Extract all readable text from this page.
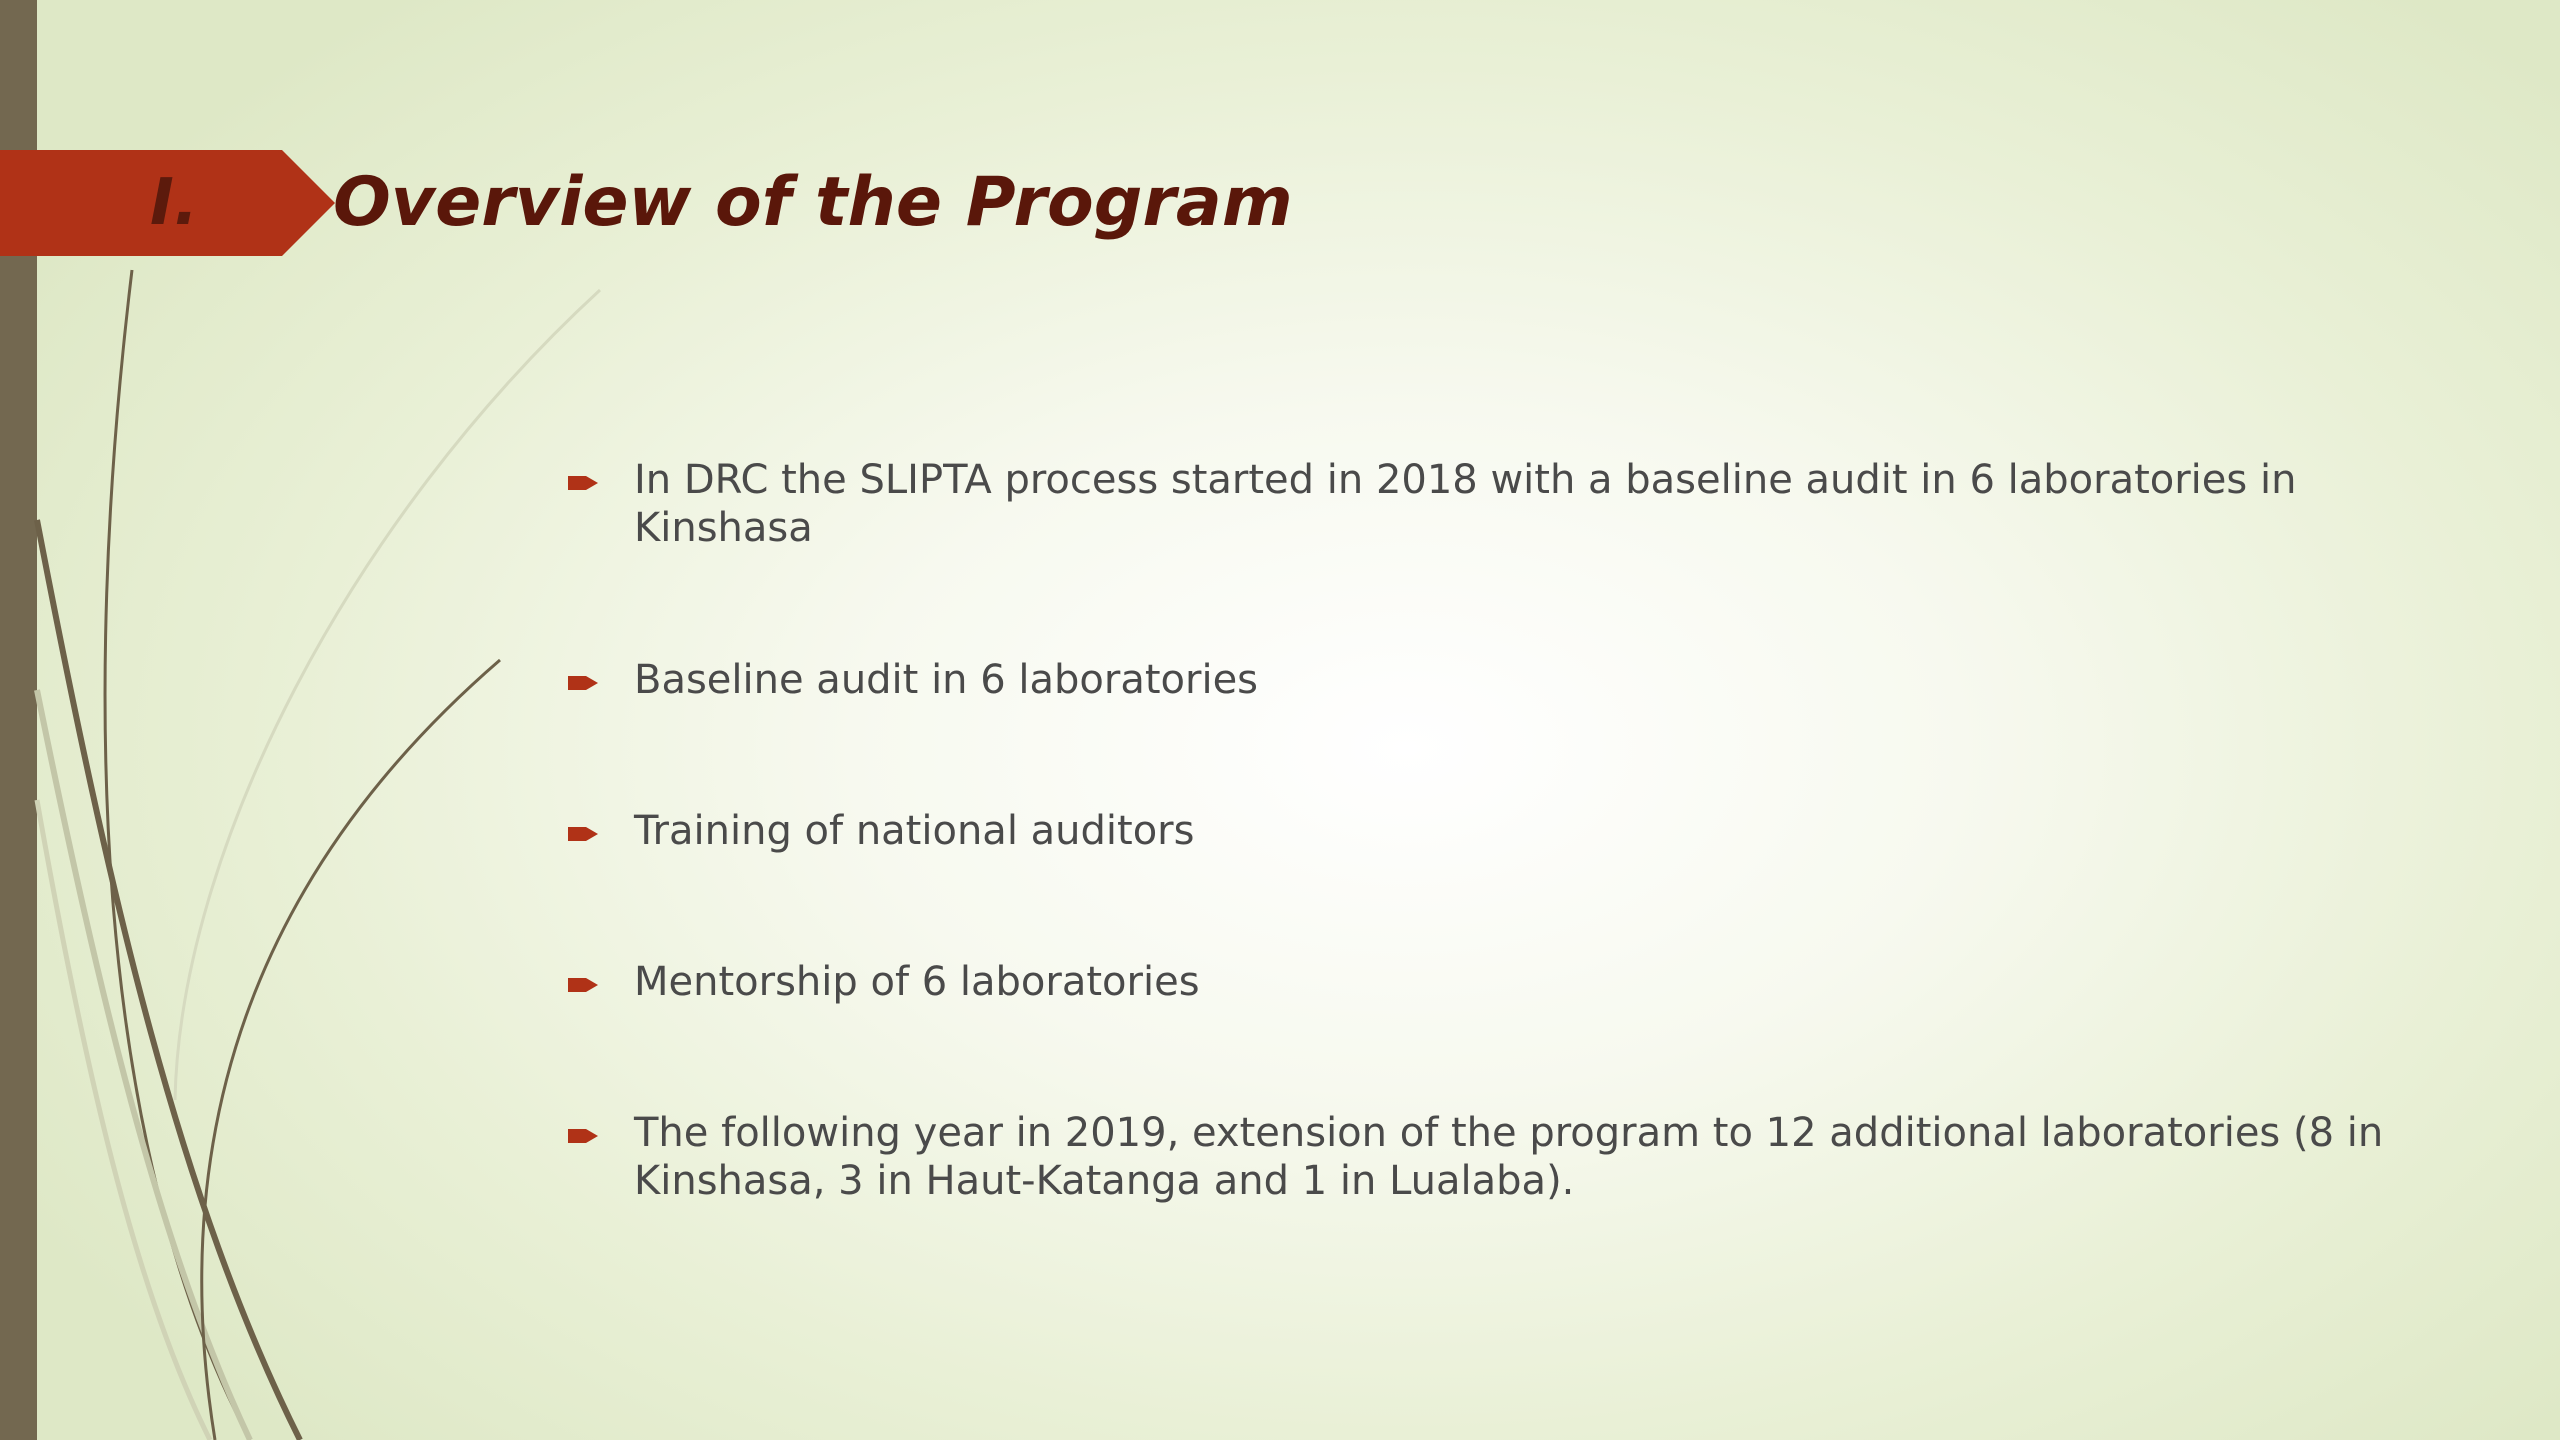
I. Overview of the Program
In DRC the SLIPTA process started in 2018 with a baseline audit in 6 laboratories in Kinshasa
Baseline audit in 6 laboratories
Training of national auditors
Mentorship of 6 laboratories
The following year in 2019, extension of the program to 12 additional laboratories (8 in Kinshasa, 3 in Haut-Katanga and 1 in Lualaba).
